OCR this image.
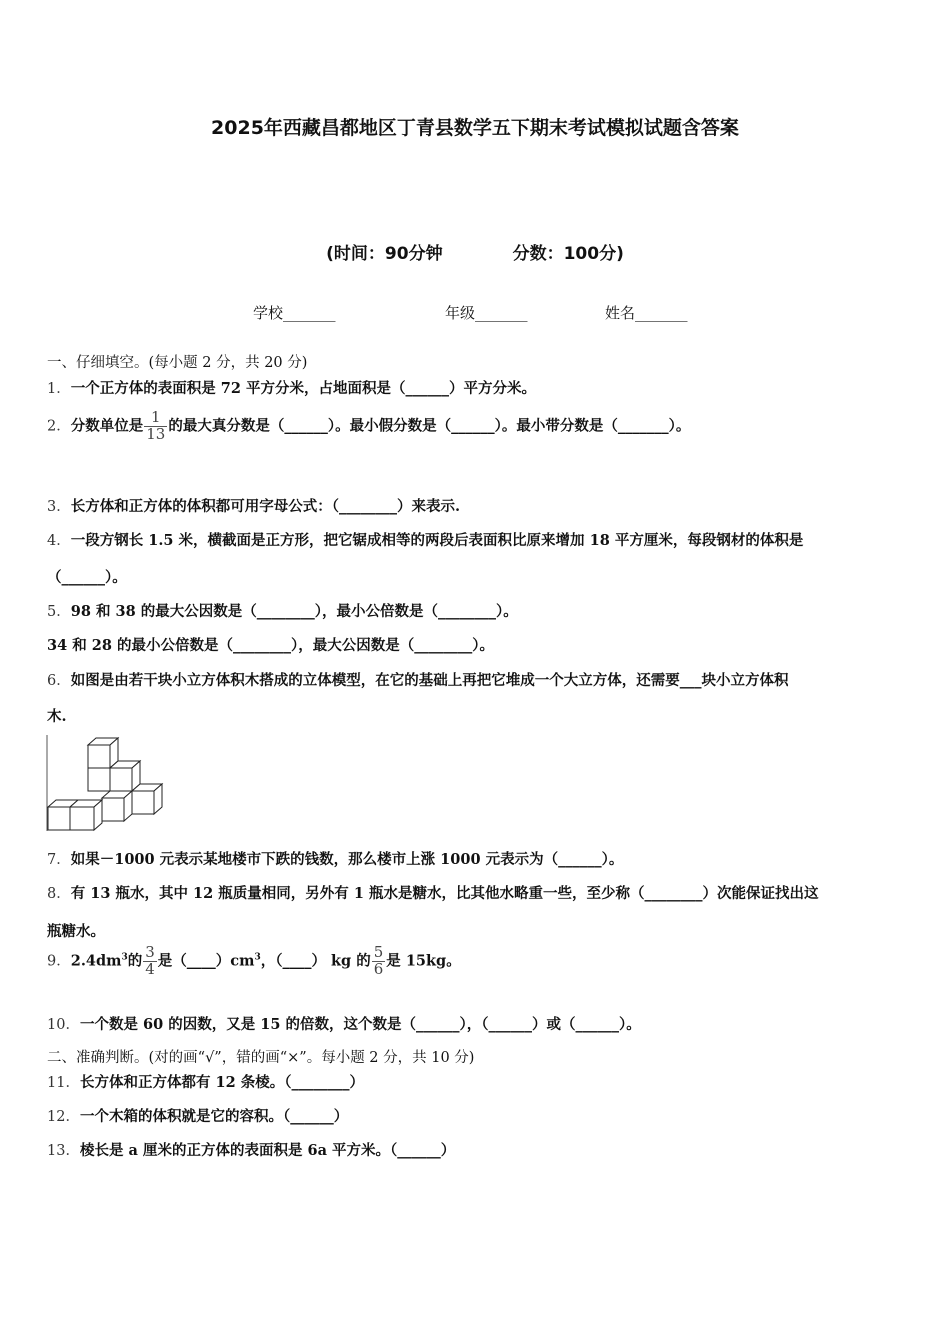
2025年西藏昌都地区丁青县数学五下期末考试模拟试题含答案
(时间：90分钟	分数：100分)
学校_______	年级_______	姓名_______
一、仔细填空。(每小题 2 分，共 20 分)
1．一个正方体的表面积是 72 平方分米，占地面积是（______）平方分米。
2．分数单位是 $\frac{1}{13}$ 的最大真分数是（______）。最小假分数是（______）。最小带分数是（_______）。
3．长方体和正方体的体积都可用字母公式：（________）来表示.
4．一段方钢长 1.5 米，横截面是正方形，把它锯成相等的两段后表面积比原来增加 18 平方厘米，每段钢材的体积是
（______）。
5．98 和 38 的最大公因数是（________），最小公倍数是（________）。
34 和 28 的最小公倍数是（________），最大公因数是（________）。
6．如图是由若干块小立方体积木搭成的立体模型，在它的基础上再把它堆成一个大立方体，还需要___块小立方体积
木.
7．如果－1000 元表示某地楼市下跌的钱数，那么楼市上涨 1000 元表示为（______）。
8．有 13 瓶水，其中 12 瓶质量相同，另外有 1 瓶水是糖水，比其他水略重一些，至少称（________）次能保证找出这
瓶糖水。
9．$2.4dm^3$的 $\frac{3}{4}$ 是$(\_\_\_\_)cm^3$，（____） kg 的 $\frac{5}{6}$ 是 15kg。
10．一个数是 60 的因数，又是 15 的倍数，这个数是（______），（______）或（______）。
二、准确判断。(对的画“√”，错的画“×”。每小题 2 分，共 10 分)
11．长方体和正方体都有 12 条棱。（________）
12．一个木箱的体积就是它的容积。（______）
13．棱长是 a 厘米的正方体的表面积是 6a 平方米。（______）
